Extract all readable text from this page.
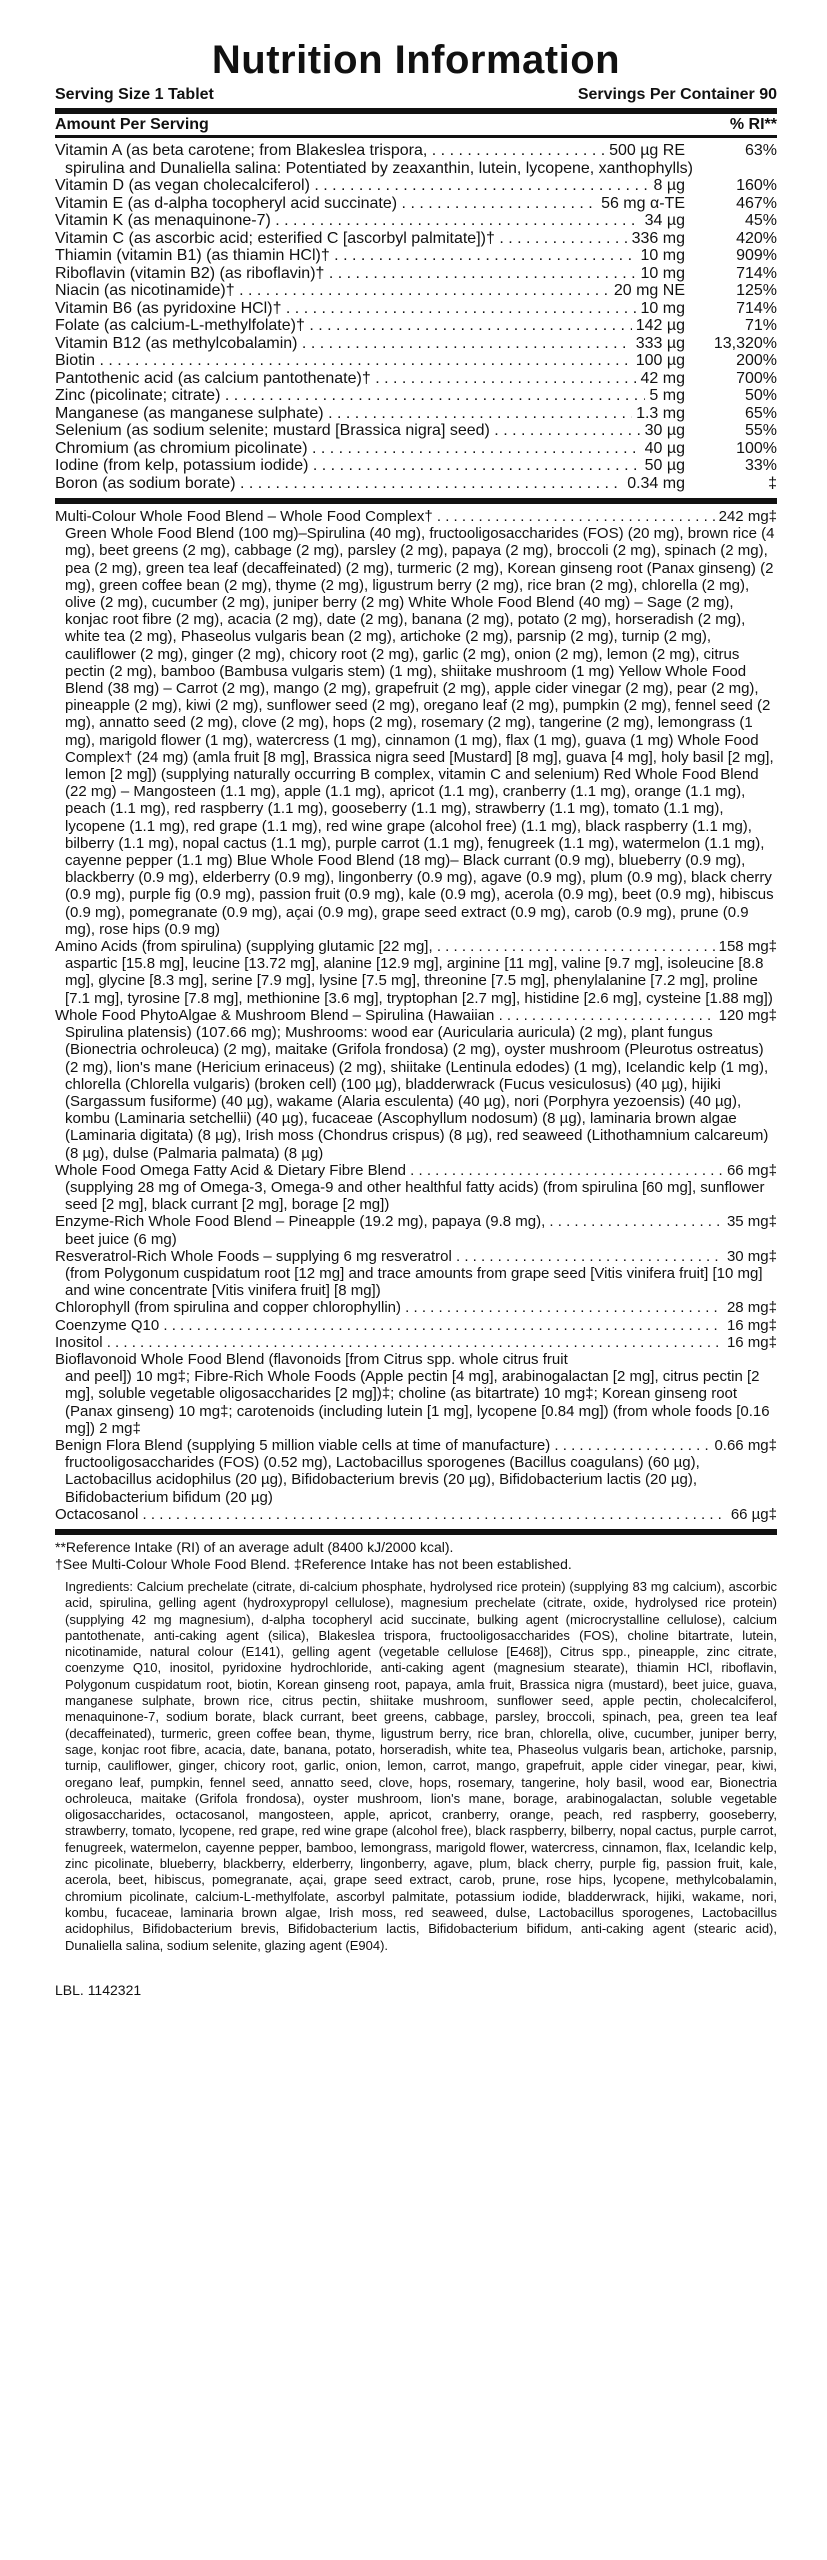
Nutrition Information
Serving Size 1 Tablet	Servings Per Container 90
Amount Per Serving	% RI**
Vitamin A (as beta carotene; from Blakeslea trispora, . . .	500 µg RE	63%
spirulina and Dunaliella salina: Potentiated by zeaxanthin, lutein, lycopene, xanthophylls)
Vitamin D (as vegan cholecalciferol) . . .	8 µg	160%
Vitamin E (as d-alpha tocopheryl acid succinate) . . .	56 mg α-TE	467%
Vitamin K (as menaquinone-7) . . .	34 µg	45%
Vitamin C (as ascorbic acid; esterified C [ascorbyl palmitate])† . . .	336 mg	420%
Thiamin (vitamin B1) (as thiamin HCl)† . . .	10 mg	909%
Riboflavin (vitamin B2) (as riboflavin)† . . .	10 mg	714%
Niacin (as nicotinamide)† . . .	20 mg NE	125%
Vitamin B6 (as pyridoxine HCl)† . . .	10 mg	714%
Folate (as calcium-L-methylfolate)† . . .	142 µg	71%
Vitamin B12 (as methylcobalamin) . . .	333 µg	13,320%
Biotin . . .	100 µg	200%
Pantothenic acid (as calcium pantothenate)† . . .	42 mg	700%
Zinc (picolinate; citrate) . . .	5 mg	50%
Manganese (as manganese sulphate) . . .	1.3 mg	65%
Selenium (as sodium selenite; mustard [Brassica nigra] seed) . . .	30 µg	55%
Chromium (as chromium picolinate) . . .	40 µg	100%
Iodine (from kelp, potassium iodide) . . .	50 µg	33%
Boron (as sodium borate) . . .	0.34 mg	‡
Multi-Colour Whole Food Blend – Whole Food Complex† . . .	242 mg‡
Green Whole Food Blend (100 mg)–Spirulina (40 mg), fructooligosaccharides (FOS) (20 mg), brown rice (4 mg), beet greens (2 mg), cabbage (2 mg), parsley (2 mg), papaya (2 mg), broccoli (2 mg), spinach (2 mg), pea (2 mg), green tea leaf (decaffeinated) (2 mg), turmeric (2 mg), Korean ginseng root (Panax ginseng) (2 mg), green coffee bean (2 mg), thyme (2 mg), ligustrum berry (2 mg), rice bran (2 mg), chlorella (2 mg), olive (2 mg), cucumber (2 mg), juniper berry (2 mg) White Whole Food Blend (40 mg) – Sage (2 mg), konjac root fibre (2 mg), acacia (2 mg), date (2 mg), banana (2 mg), potato (2 mg), horseradish (2 mg), white tea (2 mg), Phaseolus vulgaris bean (2 mg), artichoke (2 mg), parsnip (2 mg), turnip (2 mg), cauliflower (2 mg), ginger (2 mg), chicory root (2 mg), garlic (2 mg), onion (2 mg), lemon (2 mg), citrus pectin (2 mg), bamboo (Bambusa vulgaris stem) (1 mg), shiitake mushroom (1 mg) Yellow Whole Food Blend (38 mg) – Carrot (2 mg), mango (2 mg), grapefruit (2 mg), apple cider vinegar (2 mg), pear (2 mg), pineapple (2 mg), kiwi (2 mg), sunflower seed (2 mg), oregano leaf (2 mg), pumpkin (2 mg), fennel seed (2 mg), annatto seed (2 mg), clove (2 mg), hops (2 mg), rosemary (2 mg), tangerine (2 mg), lemongrass (1 mg), marigold flower (1 mg), watercress (1 mg), cinnamon (1 mg), flax (1 mg), guava (1 mg) Whole Food Complex† (24 mg) (amla fruit [8 mg], Brassica nigra seed [Mustard] [8 mg], guava [4 mg], holy basil [2 mg], lemon [2 mg]) (supplying naturally occurring B complex, vitamin C and selenium) Red Whole Food Blend (22 mg) – Mangosteen (1.1 mg), apple (1.1 mg), apricot (1.1 mg), cranberry (1.1 mg), orange (1.1 mg), peach (1.1 mg), red raspberry (1.1 mg), gooseberry (1.1 mg), strawberry (1.1 mg), tomato (1.1 mg), lycopene (1.1 mg), red grape (1.1 mg), red wine grape (alcohol free) (1.1 mg), black raspberry (1.1 mg), bilberry (1.1 mg), nopal cactus (1.1 mg), purple carrot (1.1 mg), fenugreek (1.1 mg), watermelon (1.1 mg), cayenne pepper (1.1 mg) Blue Whole Food Blend (18 mg)– Black currant (0.9 mg), blueberry (0.9 mg), blackberry (0.9 mg), elderberry (0.9 mg), lingonberry (0.9 mg), agave (0.9 mg), plum (0.9 mg), black cherry (0.9 mg), purple fig (0.9 mg), passion fruit (0.9 mg), kale (0.9 mg), acerola (0.9 mg), beet (0.9 mg), hibiscus (0.9 mg), pomegranate (0.9 mg), açai (0.9 mg), grape seed extract (0.9 mg), carob (0.9 mg), prune (0.9 mg), rose hips (0.9 mg)
Amino Acids (from spirulina) (supplying glutamic [22 mg], . . .	158 mg‡
aspartic [15.8 mg], leucine [13.72 mg], alanine [12.9 mg], arginine [11 mg], valine [9.7 mg], isoleucine [8.8 mg], glycine [8.3 mg], serine [7.9 mg], lysine [7.5 mg], threonine [7.5 mg], phenylalanine [7.2 mg], proline [7.1 mg], tyrosine [7.8 mg], methionine [3.6 mg], tryptophan [2.7 mg], histidine [2.6 mg], cysteine [1.88 mg])
Whole Food PhytoAlgae & Mushroom Blend – Spirulina (Hawaiian . . .	120 mg‡
Spirulina platensis) (107.66 mg); Mushrooms: wood ear (Auricularia auricula) (2 mg), plant fungus (Bionectria ochroleuca) (2 mg), maitake (Grifola frondosa) (2 mg), oyster mushroom (Pleurotus ostreatus) (2 mg), lion's mane (Hericium erinaceus) (2 mg), shiitake (Lentinula edodes) (1 mg), Icelandic kelp (1 mg), chlorella (Chlorella vulgaris) (broken cell) (100 µg), bladderwrack (Fucus vesiculosus) (40 µg), hijiki (Sargassum fusiforme) (40 µg), wakame (Alaria esculenta) (40 µg), nori (Porphyra yezoensis) (40 µg), kombu (Laminaria setchellii) (40 µg), fucaceae (Ascophyllum nodosum) (8 µg), laminaria brown algae (Laminaria digitata) (8 µg), Irish moss (Chondrus crispus) (8 µg), red seaweed (Lithothamnium calcareum) (8 µg), dulse (Palmaria palmata) (8 µg)
Whole Food Omega Fatty Acid & Dietary Fibre Blend . . .	66 mg‡
(supplying 28 mg of Omega-3, Omega-9 and other healthful fatty acids) (from spirulina [60 mg], sunflower seed [2 mg], black currant [2 mg], borage [2 mg])
Enzyme-Rich Whole Food Blend – Pineapple (19.2 mg), papaya (9.8 mg), . . .	35 mg‡
beet juice (6 mg)
Resveratrol-Rich Whole Foods – supplying 6 mg resveratrol . . .	30 mg‡
(from Polygonum cuspidatum root [12 mg] and trace amounts from grape seed [Vitis vinifera fruit] [10 mg] and wine concentrate [Vitis vinifera fruit] [8 mg])
Chlorophyll (from spirulina and copper chlorophyllin) . . .	28 mg‡
Coenzyme Q10 . . .	16 mg‡
Inositol . . .	16 mg‡
Bioflavonoid Whole Food Blend (flavonoids [from Citrus spp. whole citrus fruit
and peel]) 10 mg‡; Fibre-Rich Whole Foods (Apple pectin [4 mg], arabinogalactan [2 mg], citrus pectin [2 mg], soluble vegetable oligosaccharides [2 mg])‡; choline (as bitartrate) 10 mg‡; Korean ginseng root (Panax ginseng) 10 mg‡; carotenoids (including lutein [1 mg], lycopene [0.84 mg]) (from whole foods [0.16 mg]) 2 mg‡
Benign Flora Blend (supplying 5 million viable cells at time of manufacture) . . .	0.66 mg‡
fructooligosaccharides (FOS) (0.52 mg), Lactobacillus sporogenes (Bacillus coagulans) (60 µg), Lactobacillus acidophilus (20 µg), Bifidobacterium brevis (20 µg), Bifidobacterium lactis (20 µg), Bifidobacterium bifidum (20 µg)
Octacosanol . . .	66 µg‡
**Reference Intake (RI) of an average adult (8400 kJ/2000 kcal).
†See Multi-Colour Whole Food Blend. ‡Reference Intake has not been established.
Ingredients: Calcium prechelate (citrate, di-calcium phosphate, hydrolysed rice protein) (supplying 83 mg calcium), ascorbic acid, spirulina, gelling agent (hydroxypropyl cellulose), magnesium prechelate (citrate, oxide, hydrolysed rice protein) (supplying 42 mg magnesium), d-alpha tocopheryl acid succinate, bulking agent (microcrystalline cellulose), calcium pantothenate, anti-caking agent (silica), Blakeslea trispora, fructooligosaccharides (FOS), choline bitartrate, lutein, nicotinamide, natural colour (E141), gelling agent (vegetable cellulose [E468]), Citrus spp., pineapple, zinc citrate, coenzyme Q10, inositol, pyridoxine hydrochloride, anti-caking agent (magnesium stearate), thiamin HCl, riboflavin, Polygonum cuspidatum root, biotin, Korean ginseng root, papaya, amla fruit, Brassica nigra (mustard), beet juice, guava, manganese sulphate, brown rice, citrus pectin, shiitake mushroom, sunflower seed, apple pectin, cholecalciferol, menaquinone-7, sodium borate, black currant, beet greens, cabbage, parsley, broccoli, spinach, pea, green tea leaf (decaffeinated), turmeric, green coffee bean, thyme, ligustrum berry, rice bran, chlorella, olive, cucumber, juniper berry, sage, konjac root fibre, acacia, date, banana, potato, horseradish, white tea, Phaseolus vulgaris bean, artichoke, parsnip, turnip, cauliflower, ginger, chicory root, garlic, onion, lemon, carrot, mango, grapefruit, apple cider vinegar, pear, kiwi, oregano leaf, pumpkin, fennel seed, annatto seed, clove, hops, rosemary, tangerine, holy basil, wood ear, Bionectria ochroleuca, maitake (Grifola frondosa), oyster mushroom, lion's mane, borage, arabinogalactan, soluble vegetable oligosaccharides, octacosanol, mangosteen, apple, apricot, cranberry, orange, peach, red raspberry, gooseberry, strawberry, tomato, lycopene, red grape, red wine grape (alcohol free), black raspberry, bilberry, nopal cactus, purple carrot, fenugreek, watermelon, cayenne pepper, bamboo, lemongrass, marigold flower, watercress, cinnamon, flax, Icelandic kelp, zinc picolinate, blueberry, blackberry, elderberry, lingonberry, agave, plum, black cherry, purple fig, passion fruit, kale, acerola, beet, hibiscus, pomegranate, açai, grape seed extract, carob, prune, rose hips, lycopene, methylcobalamin, chromium picolinate, calcium-L-methylfolate, ascorbyl palmitate, potassium iodide, bladderwrack, hijiki, wakame, nori, kombu, fucaceae, laminaria brown algae, Irish moss, red seaweed, dulse, Lactobacillus sporogenes, Lactobacillus acidophilus, Bifidobacterium brevis, Bifidobacterium lactis, Bifidobacterium bifidum, anti-caking agent (stearic acid), Dunaliella salina, sodium selenite, glazing agent (E904).
LBL. 1142321
